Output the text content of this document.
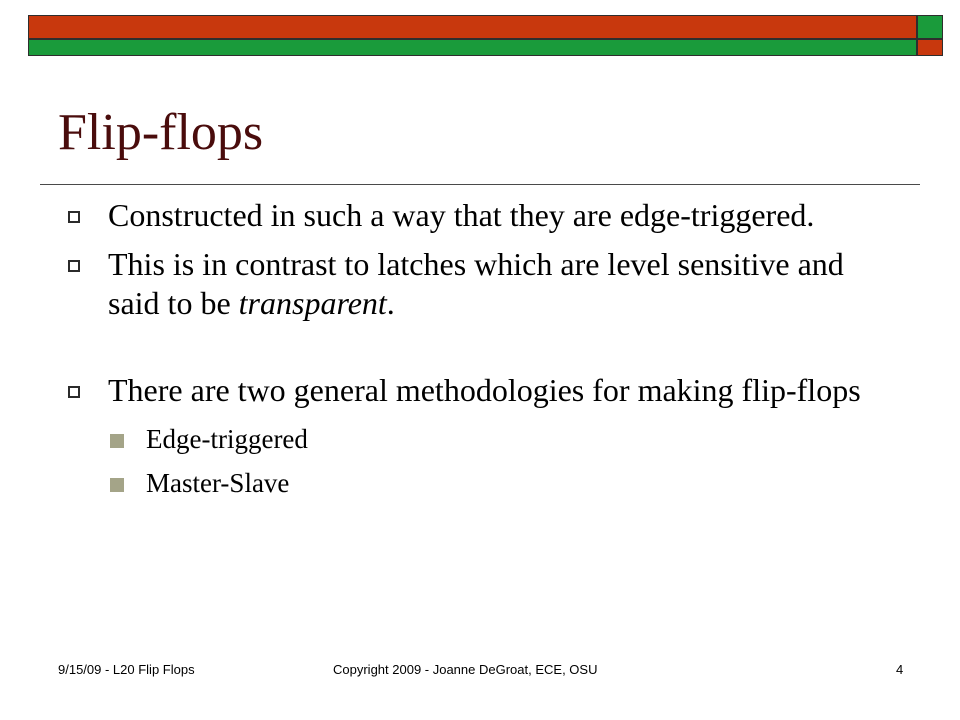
Flip-flops
Constructed in such a way that they are edge-triggered.
This is in contrast to latches which are level sensitive and said to be transparent.
There are two general methodologies for making flip-flops
Edge-triggered
Master-Slave
9/15/09 - L20 Flip Flops	Copyright 2009 - Joanne DeGroat, ECE, OSU	4
